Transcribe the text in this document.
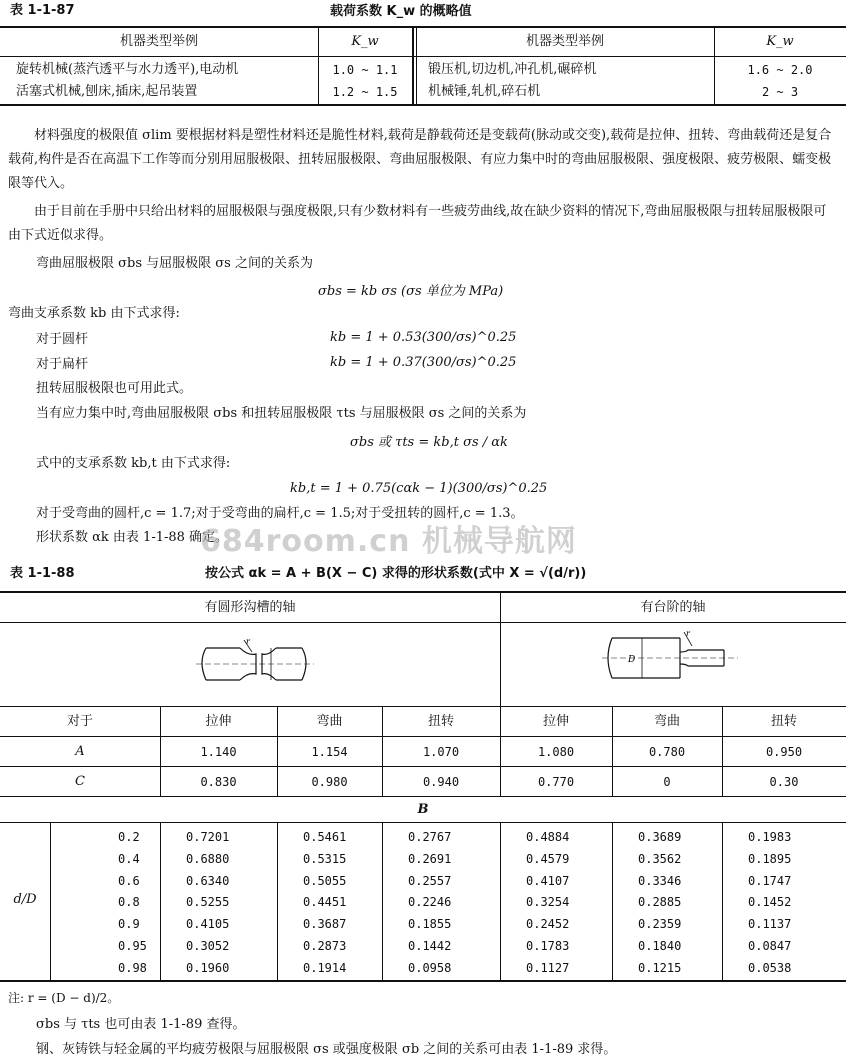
表 1-1-87	载荷系数 K_w 的概略值
机器类型举例	K_w	机器类型举例	K_w
旋转机械(蒸汽透平与水力透平),电动机	1.0 ~ 1.1
活塞式机械,刨床,插床,起吊装置	1.2 ~ 1.5
锻压机,切边机,冲孔机,碾碎机	1.6 ~ 2.0
机械锤,轧机,碎石机	2 ~ 3
材料强度的极限值 σlim 要根据材料是塑性材料还是脆性材料,载荷是静载荷还是变载荷(脉动或交变),载荷是拉伸、扭转、弯曲载荷还是复合载荷,构件是否在高温下工作等而分别用屈服极限、扭转屈服极限、弯曲屈服极限、有应力集中时的弯曲屈服极限、强度极限、疲劳极限、蠕变极限等代入。
由于目前在手册中只给出材料的屈服极限与强度极限,只有少数材料有一些疲劳曲线,故在缺少资料的情况下,弯曲屈服极限与扭转屈服极限可由下式近似求得。
弯曲屈服极限 σbs 与屈服极限 σs 之间的关系为
σbs = kb σs (σs 单位为 MPa)
弯曲支承系数 kb 由下式求得:
对于圆杆	kb = 1 + 0.53(300/σs)^0.25
对于扁杆	kb = 1 + 0.37(300/σs)^0.25
扭转屈服极限也可用此式。
当有应力集中时,弯曲屈服极限 σbs 和扭转屈服极限 τts 与屈服极限 σs 之间的关系为
σbs 或 τts = kb,t σs / αk
式中的支承系数 kb,t 由下式求得:
kb,t = 1 + 0.75(cαk − 1)(300/σs)^0.25
对于受弯曲的圆杆,c = 1.7;对于受弯曲的扁杆,c = 1.5;对于受扭转的圆杆,c = 1.3。
形状系数 αk 由表 1-1-88 确定。
684room.cn 机械导航网
表 1-1-88	按公式 αk = A + B(X − C) 求得的形状系数(式中 X = √(d/r))
有圆形沟槽的轴	有台阶的轴
r
D
r
对于	拉伸	弯曲	扭转	拉伸	弯曲	扭转
A	1.140	1.154	1.070	1.080	0.780	0.950
C	0.830	0.980	0.940	0.770	0	0.30
B
d/D
0.2	0.7201	0.5461	0.2767	0.4884	0.3689	0.1983
0.4	0.6880	0.5315	0.2691	0.4579	0.3562	0.1895
0.6	0.6340	0.5055	0.2557	0.4107	0.3346	0.1747
0.8	0.5255	0.4451	0.2246	0.3254	0.2885	0.1452
0.9	0.4105	0.3687	0.1855	0.2452	0.2359	0.1137
0.95	0.3052	0.2873	0.1442	0.1783	0.1840	0.0847
0.98	0.1960	0.1914	0.0958	0.1127	0.1215	0.0538
注: r = (D − d)/2。
σbs 与 τts 也可由表 1-1-89 查得。
钢、灰铸铁与轻金属的平均疲劳极限与屈服极限 σs 或强度极限 σb 之间的关系可由表 1-1-89 求得。
